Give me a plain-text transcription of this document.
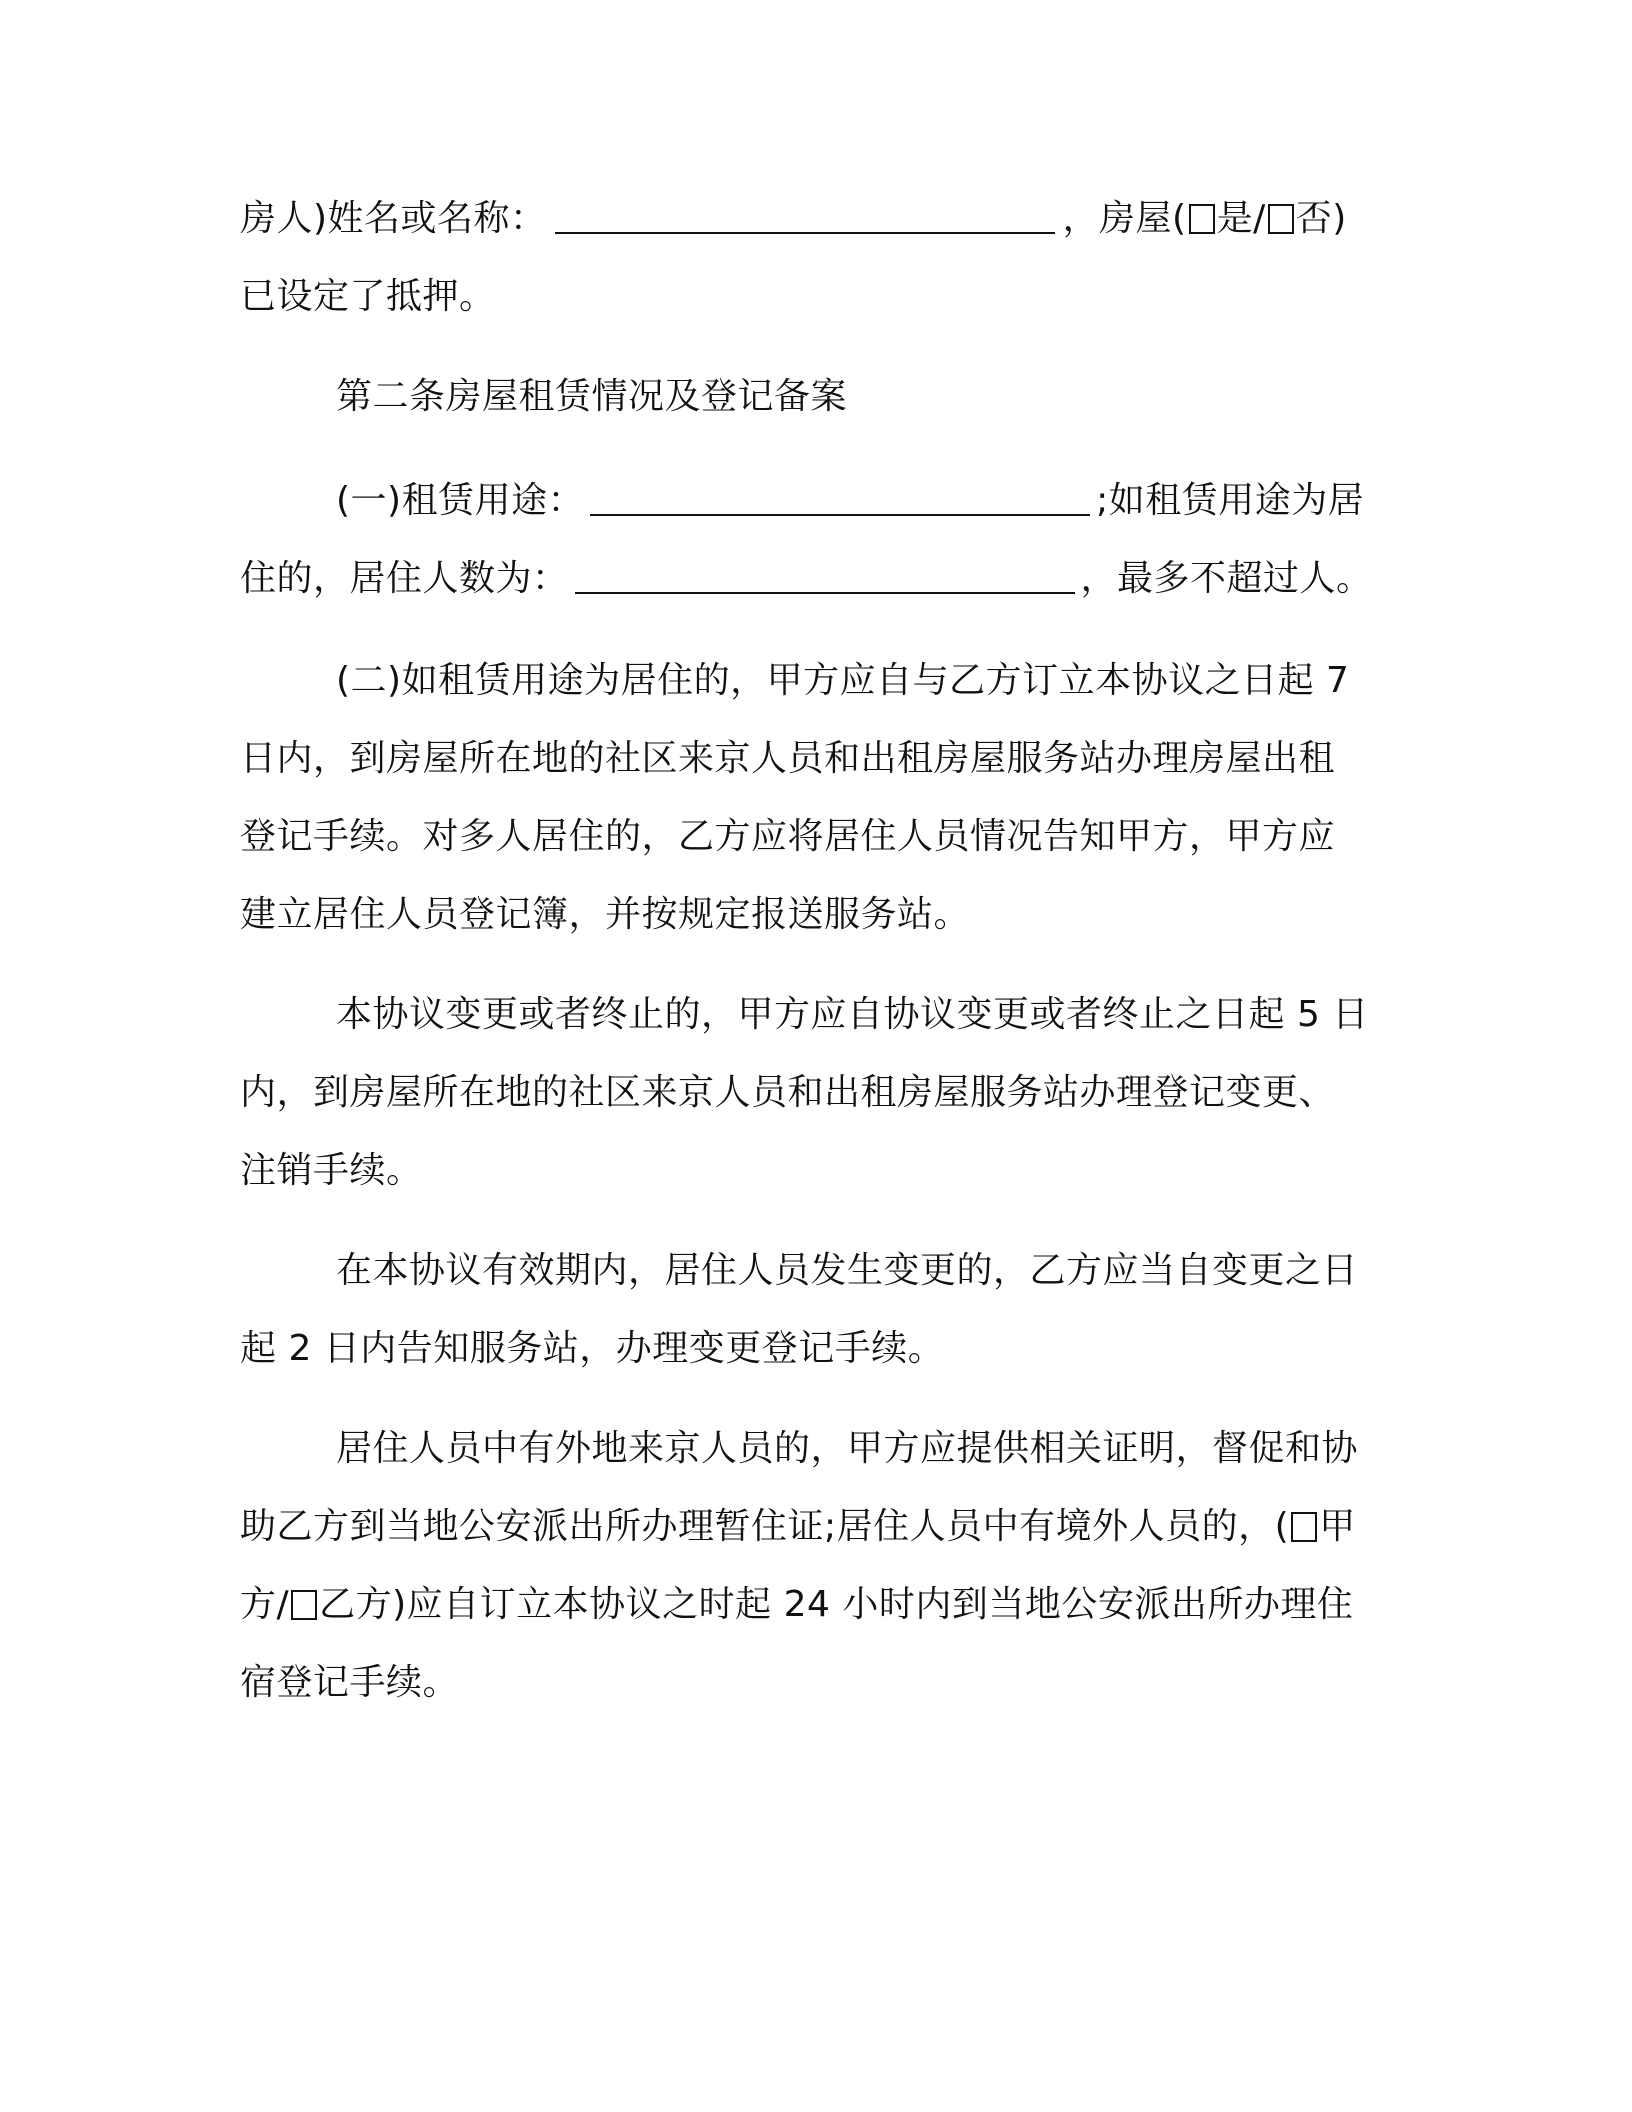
房人)姓名或名称：	，房屋( 是/ 否)
已设定了抵押。
第二条房屋租赁情况及登记备案
(一)租赁用途：	;如租赁用途为居
住的，居住人数为：	，最多不超过人。
(二)如租赁用途为居住的，甲方应自与乙方订立本协议之日起 7
日内，到房屋所在地的社区来京人员和出租房屋服务站办理房屋出租
登记手续。对多人居住的，乙方应将居住人员情况告知甲方，甲方应
建立居住人员登记簿，并按规定报送服务站。
本协议变更或者终止的，甲方应自协议变更或者终止之日起 5 日
内，到房屋所在地的社区来京人员和出租房屋服务站办理登记变更、
注销手续。
在本协议有效期内，居住人员发生变更的，乙方应当自变更之日
起 2 日内告知服务站，办理变更登记手续。
居住人员中有外地来京人员的，甲方应提供相关证明，督促和协
助乙方到当地公安派出所办理暂住证;居住人员中有境外人员的，( 甲
方/ 乙方)应自订立本协议之时起 24 小时内到当地公安派出所办理住
宿登记手续。
